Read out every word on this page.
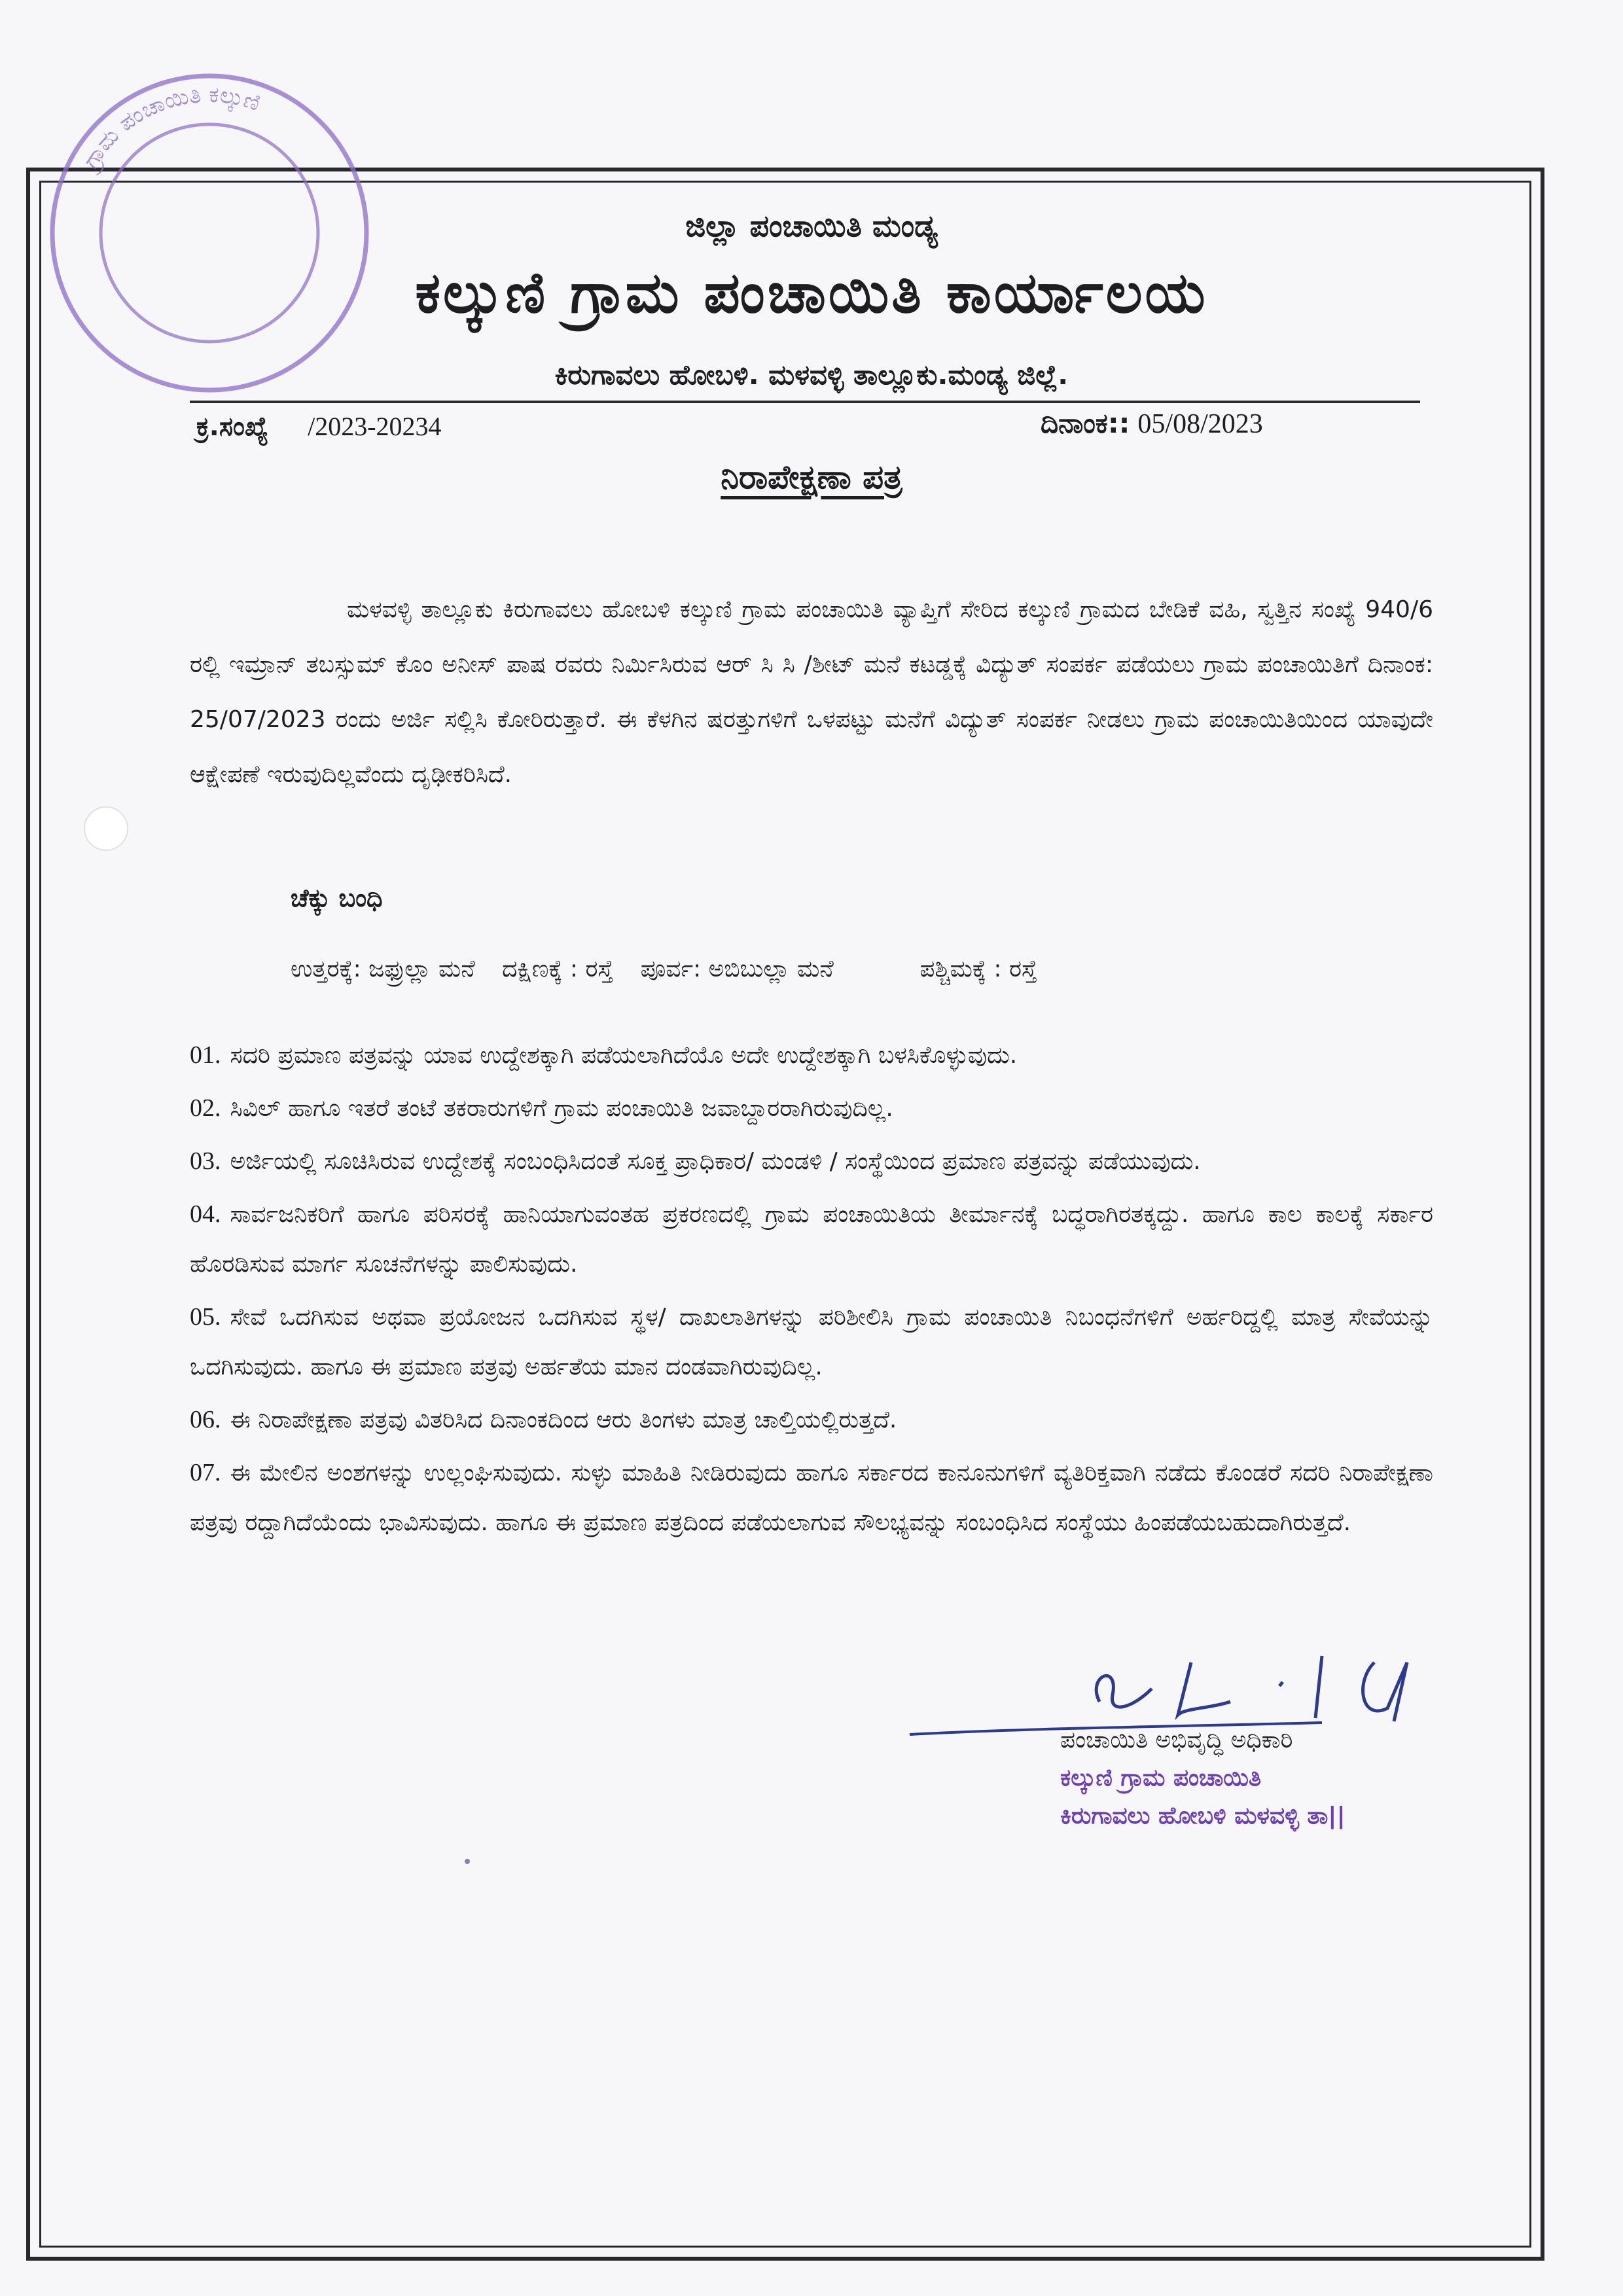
ಗ್ರಾಮ ಪಂಚಾಯಿತಿ ಕಲ್ಕುಣಿ
ಜಿಲ್ಲಾ ಪಂಚಾಯಿತಿ ಮಂಡ್ಯ
ಕಲ್ಕುಣಿ ಗ್ರಾಮ ಪಂಚಾಯಿತಿ ಕಾರ್ಯಾಲಯ
ಕಿರುಗಾವಲು ಹೋಬಳಿ. ಮಳವಳ್ಳಿ ತಾಲ್ಲೂಕು.ಮಂಡ್ಯ ಜಿಲ್ಲೆ.
ಕ್ರ.ಸಂಖ್ಯೆ /2023-20234	ದಿನಾಂಕ:: 05/08/2023
ನಿರಾಪೇಕ್ಷಣಾ ಪತ್ರ
ಮಳವಳ್ಳಿ ತಾಲ್ಲೂಕು ಕಿರುಗಾವಲು ಹೋಬಳಿ ಕಲ್ಕುಣಿ ಗ್ರಾಮ ಪಂಚಾಯಿತಿ ವ್ಯಾಪ್ತಿಗೆ ಸೇರಿದ ಕಲ್ಕುಣಿ ಗ್ರಾಮದ ಬೇಡಿಕೆ ವಹಿ, ಸ್ವತ್ತಿನ ಸಂಖ್ಯೆ 940/6 ರಲ್ಲಿ ಇಮ್ರಾನ್ ತಬಸ್ಸುಮ್ ಕೊಂ ಅನೀಸ್ ಪಾಷ ರವರು ನಿರ್ಮಿಸಿರುವ ಆರ್ ಸಿ ಸಿ /ಶೀಟ್ ಮನೆ ಕಟಡ್ಡಕ್ಕೆ ವಿದ್ಯುತ್ ಸಂಪರ್ಕ ಪಡೆಯಲು ಗ್ರಾಮ ಪಂಚಾಯಿತಿಗೆ ದಿನಾಂಕ: 25/07/2023 ರಂದು ಅರ್ಜಿ ಸಲ್ಲಿಸಿ ಕೋರಿರುತ್ತಾರೆ. ಈ ಕೆಳಗಿನ ಷರತ್ತುಗಳಿಗೆ ಒಳಪಟ್ಟು ಮನೆಗೆ ವಿದ್ಯುತ್ ಸಂಪರ್ಕ ನೀಡಲು ಗ್ರಾಮ ಪಂಚಾಯಿತಿಯಿಂದ ಯಾವುದೇ ಆಕ್ಷೇಪಣೆ ಇರುವುದಿಲ್ಲವೆಂದು ದೃಢೀಕರಿಸಿದೆ.
ಚೆಕ್ಕು ಬಂಧಿ
ಉತ್ತರಕ್ಕೆ: ಜಫ್ರುಲ್ಲಾ ಮನೆ ದಕ್ಷಿಣಕ್ಕೆ : ರಸ್ತೆ ಪೂರ್ವ: ಅಬಿಬುಲ್ಲಾ ಮನೆ	ಪಶ್ಚಿಮಕ್ಕೆ : ರಸ್ತೆ
01. ಸದರಿ ಪ್ರಮಾಣ ಪತ್ರವನ್ನು ಯಾವ ಉದ್ದೇಶಕ್ಕಾಗಿ ಪಡೆಯಲಾಗಿದೆಯೊ ಅದೇ ಉದ್ದೇಶಕ್ಕಾಗಿ ಬಳಸಿಕೊಳ್ಳುವುದು.
02. ಸಿವಿಲ್ ಹಾಗೂ ಇತರೆ ತಂಟೆ ತಕರಾರುಗಳಿಗೆ ಗ್ರಾಮ ಪಂಚಾಯಿತಿ ಜವಾಬ್ದಾರರಾಗಿರುವುದಿಲ್ಲ.
03. ಅರ್ಜಿಯಲ್ಲಿ ಸೂಚಿಸಿರುವ ಉದ್ದೇಶಕ್ಕೆ ಸಂಬಂಧಿಸಿದಂತೆ ಸೂಕ್ತ ಪ್ರಾಧಿಕಾರ/ ಮಂಡಳಿ / ಸಂಸ್ಥೆಯಿಂದ ಪ್ರಮಾಣ ಪತ್ರವನ್ನು ಪಡೆಯುವುದು.
04. ಸಾರ್ವಜನಿಕರಿಗೆ ಹಾಗೂ ಪರಿಸರಕ್ಕೆ ಹಾನಿಯಾಗುವಂತಹ ಪ್ರಕರಣದಲ್ಲಿ ಗ್ರಾಮ ಪಂಚಾಯಿತಿಯ ತೀರ್ಮಾನಕ್ಕೆ ಬದ್ಧರಾಗಿರತಕ್ಕದ್ದು. ಹಾಗೂ ಕಾಲ ಕಾಲಕ್ಕೆ ಸರ್ಕಾರ ಹೊರಡಿಸುವ ಮಾರ್ಗ ಸೂಚನೆಗಳನ್ನು ಪಾಲಿಸುವುದು.
05. ಸೇವೆ ಒದಗಿಸುವ ಅಥವಾ ಪ್ರಯೋಜನ ಒದಗಿಸುವ ಸ್ಥಳ/ ದಾಖಲಾತಿಗಳನ್ನು ಪರಿಶೀಲಿಸಿ ಗ್ರಾಮ ಪಂಚಾಯಿತಿ ನಿಬಂಧನೆಗಳಿಗೆ ಅರ್ಹರಿದ್ದಲ್ಲಿ ಮಾತ್ರ ಸೇವೆಯನ್ನು ಒದಗಿಸುವುದು. ಹಾಗೂ ಈ ಪ್ರಮಾಣ ಪತ್ರವು ಅರ್ಹತೆಯ ಮಾನ ದಂಡವಾಗಿರುವುದಿಲ್ಲ.
06. ಈ ನಿರಾಪೇಕ್ಷಣಾ ಪತ್ರವು ವಿತರಿಸಿದ ದಿನಾಂಕದಿಂದ ಆರು ತಿಂಗಳು ಮಾತ್ರ ಚಾಲ್ತಿಯಲ್ಲಿರುತ್ತದೆ.
07. ಈ ಮೇಲಿನ ಅಂಶಗಳನ್ನು ಉಲ್ಲಂಘಿಸುವುದು. ಸುಳ್ಳು ಮಾಹಿತಿ ನೀಡಿರುವುದು ಹಾಗೂ ಸರ್ಕಾರದ ಕಾನೂನುಗಳಿಗೆ ವ್ಯತಿರಿಕ್ತವಾಗಿ ನಡೆದು ಕೊಂಡರೆ ಸದರಿ ನಿರಾಪೇಕ್ಷಣಾ ಪತ್ರವು ರದ್ದಾಗಿದೆಯೆಂದು ಭಾವಿಸುವುದು. ಹಾಗೂ ಈ ಪ್ರಮಾಣ ಪತ್ರದಿಂದ ಪಡೆಯಲಾಗುವ ಸೌಲಭ್ಯವನ್ನು ಸಂಬಂಧಿಸಿದ ಸಂಸ್ಥೆಯು ಹಿಂಪಡೆಯಬಹುದಾಗಿರುತ್ತದೆ.
ಪಂಚಾಯಿತಿ ಅಭಿವೃದ್ಧಿ ಅಧಿಕಾರಿ
ಕಲ್ಕುಣಿ ಗ್ರಾಮ ಪಂಚಾಯಿತಿ
ಕಿರುಗಾವಲು ಹೋಬಳಿ ಮಳವಳ್ಳಿ ತಾ||
